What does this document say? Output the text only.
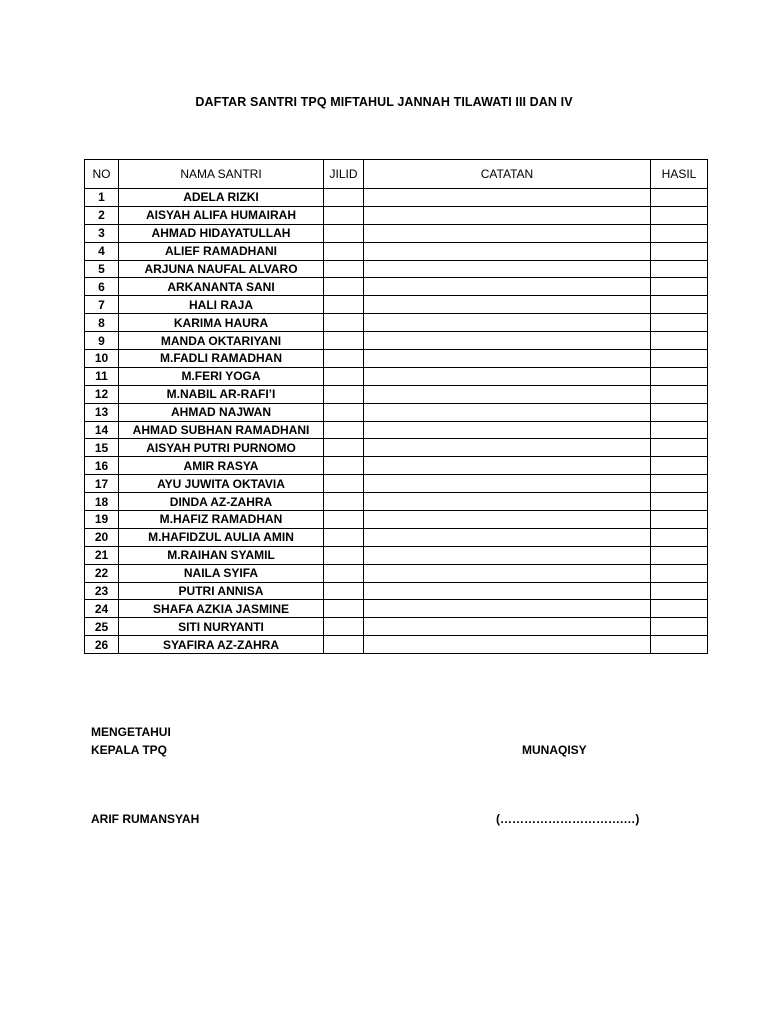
DAFTAR SANTRI TPQ MIFTAHUL JANNAH TILAWATI III DAN IV
NO	NAMA SANTRI	JILID	CATATAN	HASIL
1	ADELA RIZKI			
2	AISYAH ALIFA HUMAIRAH			
3	AHMAD HIDAYATULLAH			
4	ALIEF RAMADHANI			
5	ARJUNA NAUFAL ALVARO			
6	ARKANANTA SANI			
7	HALI RAJA			
8	KARIMA HAURA			
9	MANDA OKTARIYANI			
10	M.FADLI RAMADHAN			
11	M.FERI YOGA			
12	M.NABIL AR-RAFI’I			
13	AHMAD NAJWAN			
14	AHMAD SUBHAN RAMADHANI			
15	AISYAH PUTRI PURNOMO			
16	AMIR RASYA			
17	AYU JUWITA OKTAVIA			
18	DINDA AZ-ZAHRA			
19	M.HAFIZ RAMADHAN			
20	M.HAFIDZUL AULIA AMIN			
21	M.RAIHAN SYAMIL			
22	NAILA SYIFA			
23	PUTRI ANNISA			
24	SHAFA AZKIA JASMINE			
25	SITI NURYANTI			
26	SYAFIRA AZ-ZAHRA			
MENGETAHUI
KEPALA TPQ	MUNAQISY
ARIF RUMANSYAH	(………………………….…)
